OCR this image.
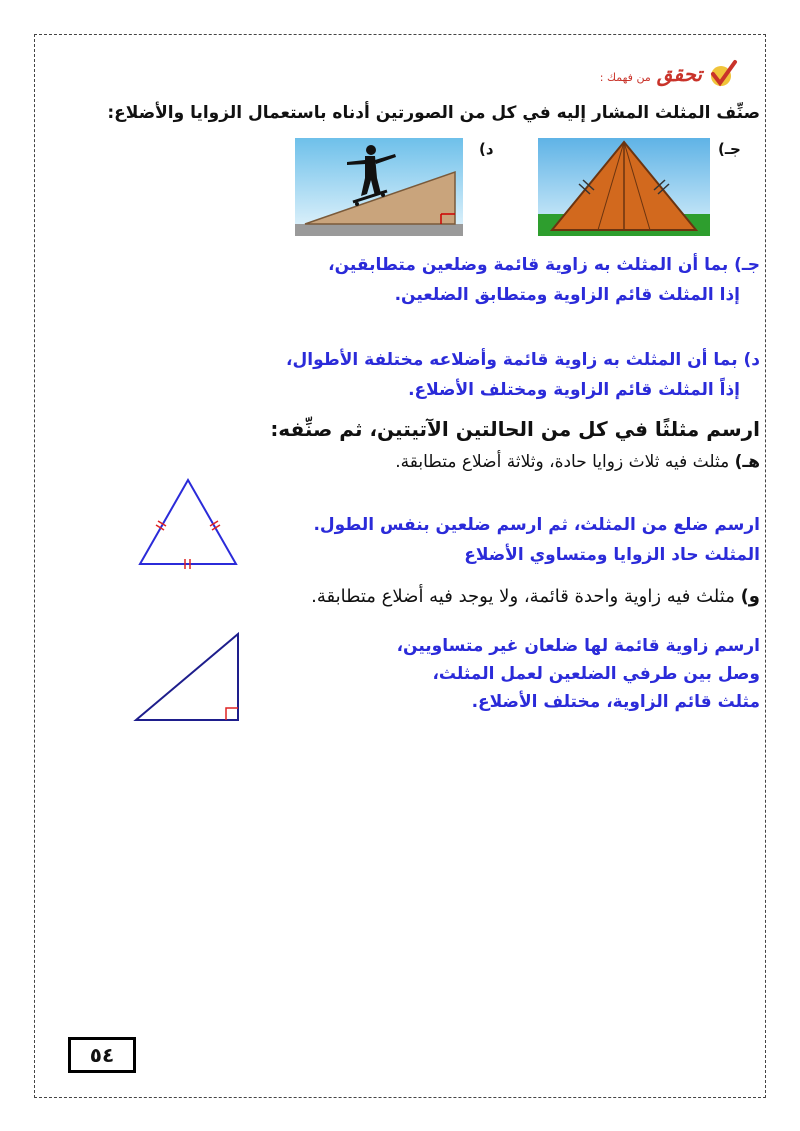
تحقق
من فهمك :
صنِّف المثلث المشار إليه في كل من الصورتين أدناه باستعمال الزوايا والأضلاع:
جـ)
د)
جـ) بما أن المثلث به زاوية قائمة وضلعين متطابقين،
إذا المثلث قائم الزاوية ومتطابق الضلعين.
د) بما أن المثلث به زاوية قائمة وأضلاعه مختلفة الأطوال،
إذاً المثلث قائم الزاوية ومختلف الأضلاع.
ارسم مثلثًا في كل من الحالتين الآتيتين، ثم صنِّفه:
هـ) مثلث فيه ثلاث زوايا حادة، وثلاثة أضلاع متطابقة.
ارسم ضلع من المثلث، ثم ارسم ضلعين بنفس الطول.
المثلث حاد الزوايا ومتساوي الأضلاع
و) مثلث فيه زاوية واحدة قائمة، ولا يوجد فيه أضلاع متطابقة.
ارسم زاوية قائمة لها ضلعان غير متساويين،
وصل بين طرفي الضلعين لعمل المثلث،
مثلث قائم الزاوية، مختلف الأضلاع.
٥٤
